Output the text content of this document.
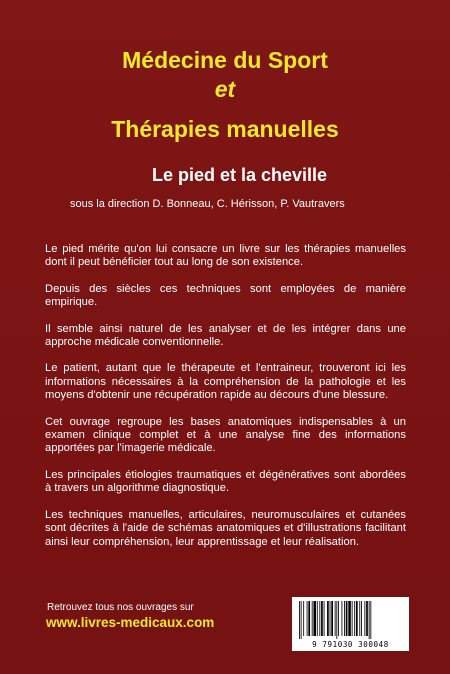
Médecine du Sport
et
Thérapies manuelles
Le pied et la cheville
sous la direction D. Bonneau, C. Hérisson, P. Vautravers

Le pied mérite qu'on lui consacre un livre sur les thérapies manuelles dont il peut bénéficier tout au long de son existence.

Depuis des siècles ces techniques sont employées de manière empirique.

Il semble ainsi naturel de les analyser et de les intégrer dans une approche médicale conventionnelle.

Le patient, autant que le thérapeute et l'entraineur, trouveront ici les informations nécessaires à la compréhension de la pathologie et les moyens d'obtenir une récupération rapide au décours d'une blessure.

Cet ouvrage regroupe les bases anatomiques indispensables à un examen clinique complet et à une analyse fine des informations apportées par l'imagerie médicale.

Les principales étiologies traumatiques et dégénératives sont abordées à travers un algorithme diagnostique.

Les techniques manuelles, articulaires, neuromusculaires et cutanées sont décrites à l'aide de schémas anatomiques et d'illustrations facilitant ainsi leur compréhension, leur apprentissage et leur réalisation.

Retrouvez tous nos ouvrages sur
www.livres-medicaux.com
9 791030 300048
